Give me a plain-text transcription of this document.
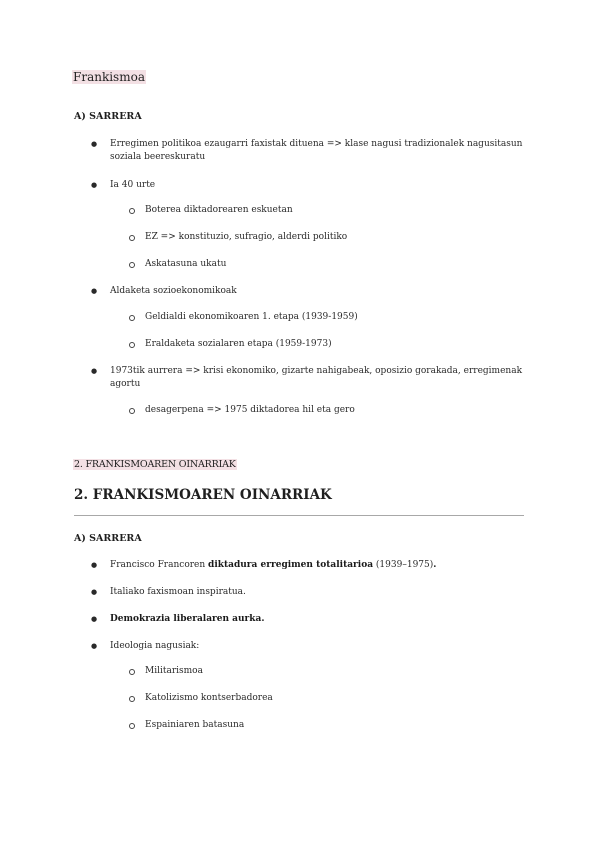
Frankismoa
A) SARRERA
● Erregimen politikoa ezaugarri faxistak dituena => klase nagusi tradizionalek nagusitasun
soziala beereskuratu
● Ia 40 urte
Boterea diktadorearen eskuetan
EZ => konstituzio, sufragio, alderdi politiko
Askatasuna ukatu
● Aldaketa sozioekonomikoak
Geldialdi ekonomikoaren 1. etapa (1939-1959)
Eraldaketa sozialaren etapa (1959-1973)
● 1973tik aurrera => krisi ekonomiko, gizarte nahigabeak, oposizio gorakada, erregimenak
agortu
desagerpena => 1975 diktadorea hil eta gero
2. FRANKISMOAREN OINARRIAK
2. FRANKISMOAREN OINARRIAK
A) SARRERA
● Francisco Francoren diktadura erregimen totalitarioa (1939–1975).
● Italiako faxismoan inspiratua.
● Demokrazia liberalaren aurka.
● Ideologia nagusiak:
Militarismoa
Katolizismo kontserbadorea
Espainiaren batasuna
